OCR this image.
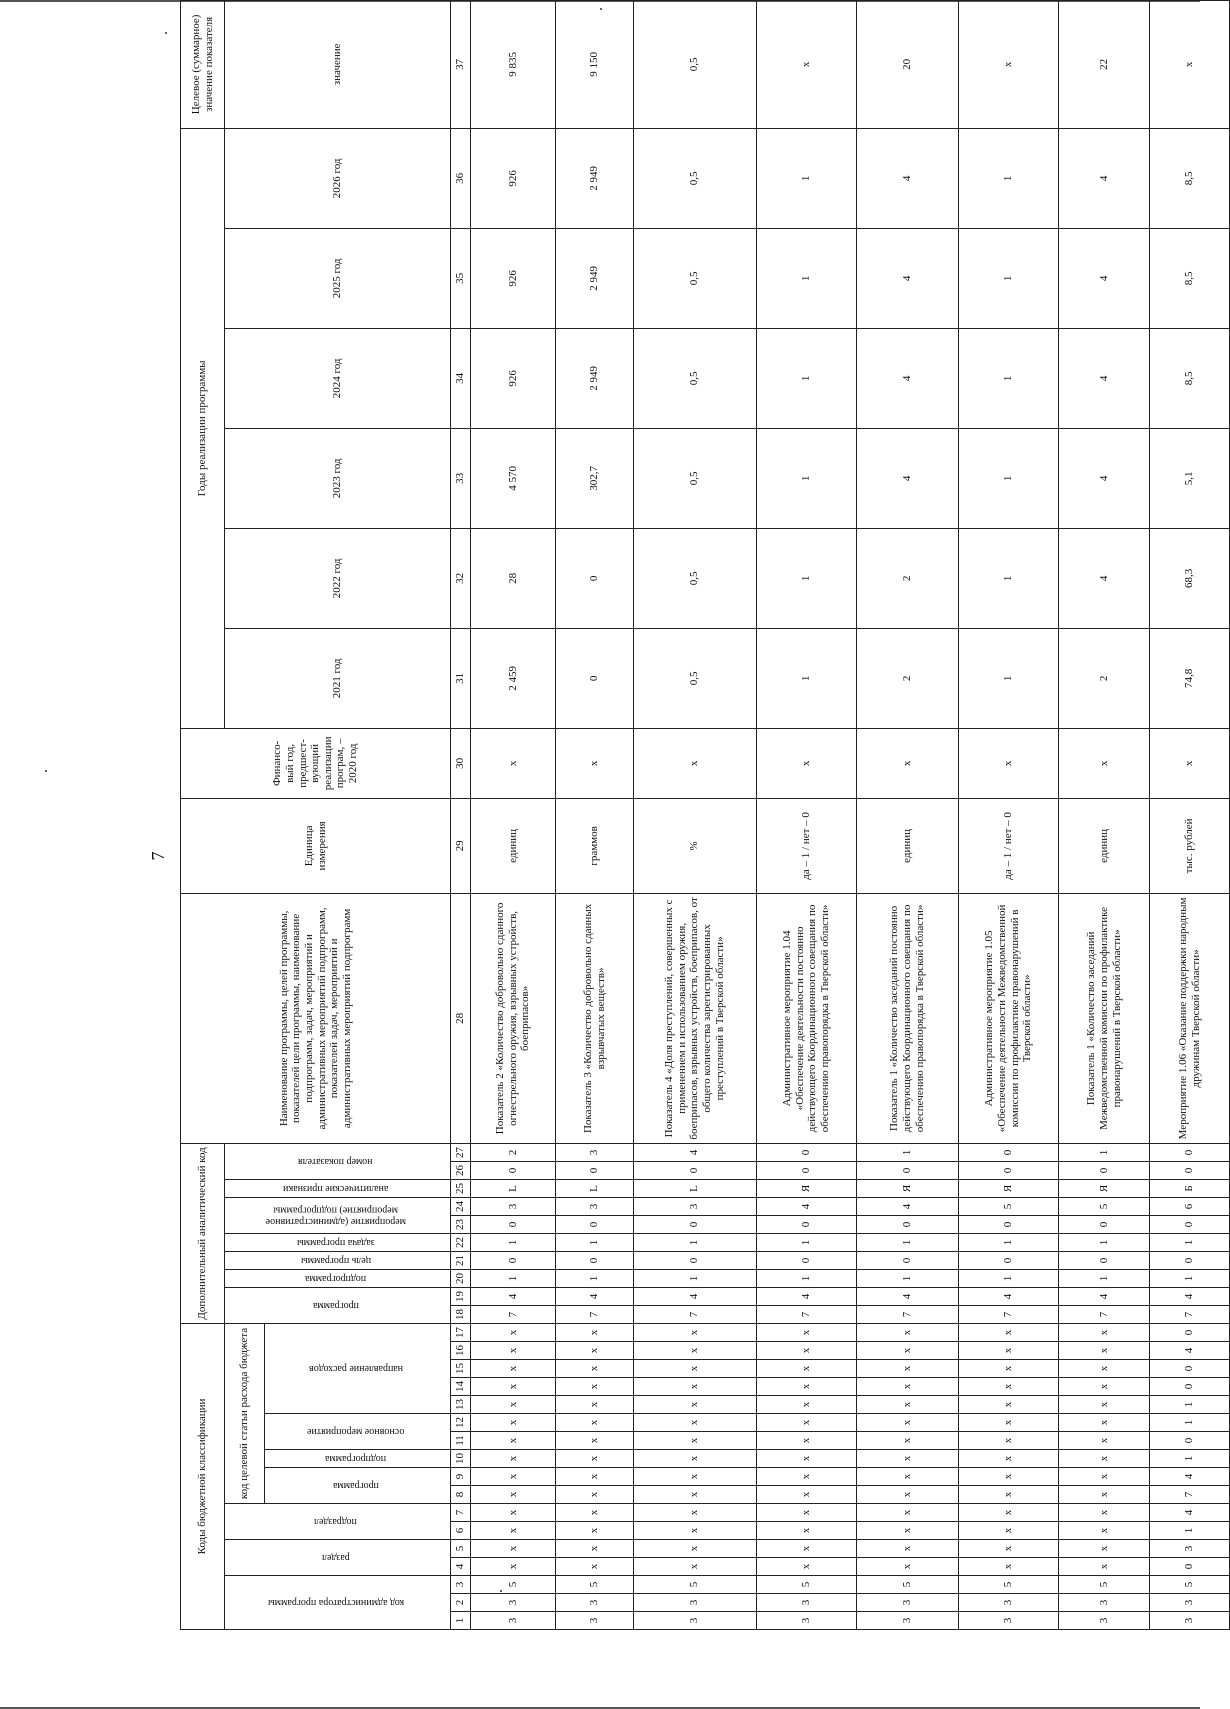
7
Коды бюджетной классификации																	Дополнительный аналитический код										Наименование программы, целей программы, показателей цели программы, наименование подпрограмм, задач, мероприятий и административных мероприятий подпрограмм, показателей задач, мероприятий и административных мероприятий подпрограмм	Единица измерения	Финансо-вый год, предшест-вующий реализации програм, – 2020 год	Годы реализации программы						Целевое (суммарное) значение показателя
код администратора программы			раздел		подраздел		код целевой статьи расхода бюджета										программа		подпрограмма	цель программы	задача программы	мероприятие (административное мероприятие) подпрограммы		аналитические признаки	номер показателя					2021 год	2022 год	2023 год	2024 год	2025 год	2026 год	значение
							программа		подпрограмма	основное мероприятие		направление расходов																								
1	2	3	4	5	6	7	8	9	10	11	12	13	14	15	16	17	18	19	20	21	22	23	24	25	26	27	28	29	30	31	32	33	34	35	36	37
3	3	5	х	х	х	х	х	х	х	х	х	х	х	х	х	х	7	4	1	0	1	0	3	L	0	2	Показатель 2 «Количество добровольно сданного огнестрельного оружия, взрывных устройств, боеприпасов»	единиц	х	2 459	28	4 570	926	926	926	9 835
3	3	5	х	х	х	х	х	х	х	х	х	х	х	х	х	х	7	4	1	0	1	0	3	L	0	3	Показатель 3 «Количество добровольно сданных взрывчатых веществ»	граммов	х	0	0	302,7	2 949	2 949	2 949	9 150
3	3	5	х	х	х	х	х	х	х	х	х	х	х	х	х	х	7	4	1	0	1	0	3	L	0	4	Показатель 4 «Доля преступлений, совершенных с применением и использованием оружия, боеприпасов, взрывных устройств, боеприпасов, от общего количества зарегистрированных преступлений в Тверской области»	%	х	0,5	0,5	0,5	0,5	0,5	0,5	0,5
3	3	5	х	х	х	х	х	х	х	х	х	х	х	х	х	х	7	4	1	0	1	0	4	Я	0	0	Административное мероприятие 1.04 «Обеспечение деятельности постоянно действующего Координационного совещания по обеспечению правопорядка в Тверской области»	да – 1 / нет – 0	х	1	1	1	1	1	1	х
3	3	5	х	х	х	х	х	х	х	х	х	х	х	х	х	х	7	4	1	0	1	0	4	Я	0	1	Показатель 1 «Количество заседаний постоянно действующего Координационного совещания по обеспечению правопорядка в Тверской области»	единиц	х	2	2	4	4	4	4	20
3	3	5	х	х	х	х	х	х	х	х	х	х	х	х	х	х	7	4	1	0	1	0	5	Я	0	0	Административное мероприятие 1.05 «Обеспечение деятельности Межведомственной комиссии по профилактике правонарушений в Тверской области»	да – 1 / нет – 0	х	1	1	1	1	1	1	х
3	3	5	х	х	х	х	х	х	х	х	х	х	х	х	х	х	7	4	1	0	1	0	5	Я	0	1	Показатель 1 «Количество заседаний Межведомственной комиссии по профилактике правонарушений в Тверской области»	единиц	х	2	4	4	4	4	4	22
3	3	5	0	3	1	4	7	4	1	0	1	1	0	0	4	0	7	4	1	0	1	0	6	Б	0	0	Мероприятие 1.06 «Оказание поддержки народным дружинам Тверской области»	тыс. рублей	х	74,8	68,3	5,1	8,5	8,5	8,5	х
